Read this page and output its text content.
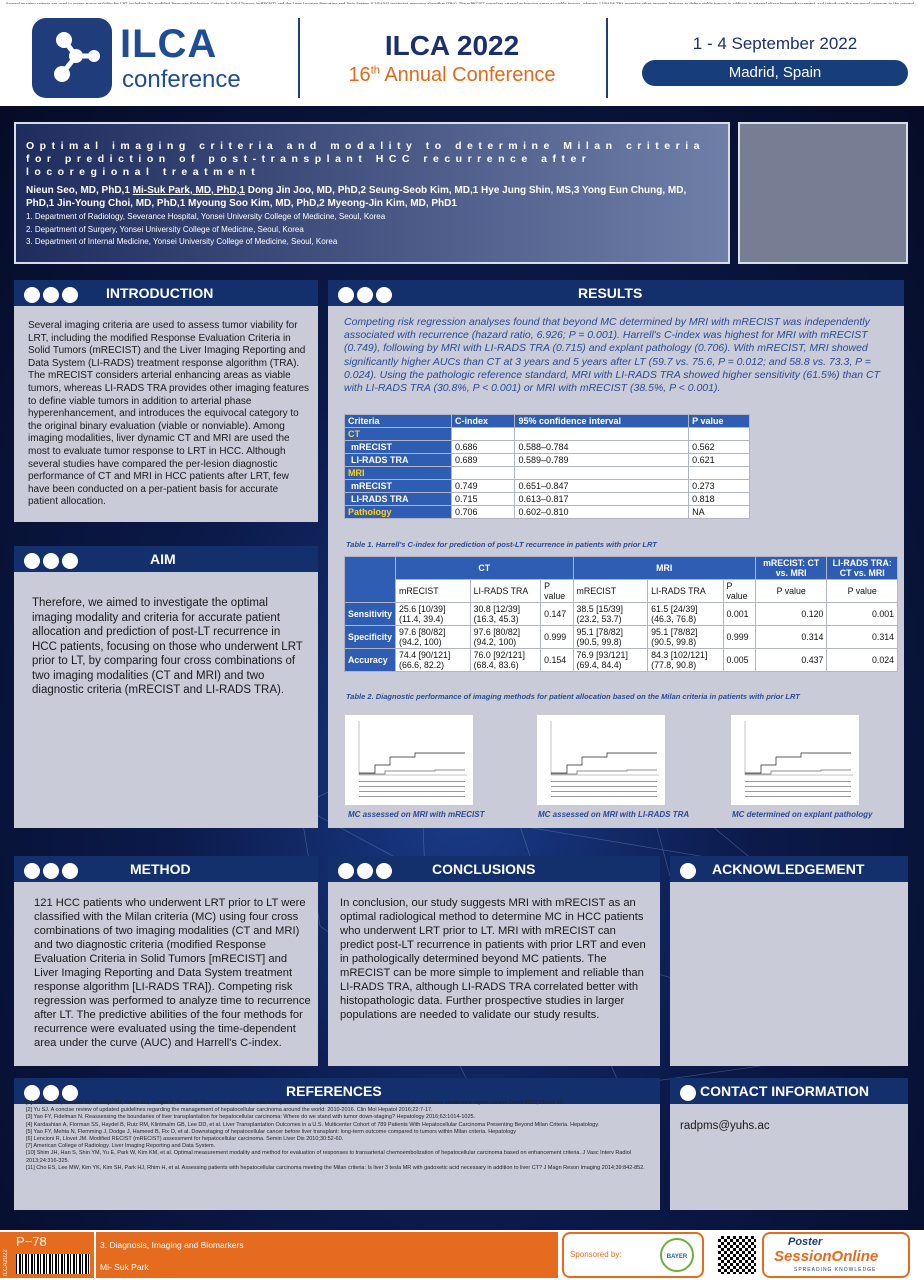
ILCA
conference
ILCA 2022
16th Annual Conference
1 - 4 September 2022
Madrid, Spain
Optimal imaging criteria and modality to determine Milan criteria for prediction of post-transplant HCC recurrence after locoregional treatment
Nieun Seo, MD, PhD,1 Mi-Suk Park, MD, PhD,1 Dong Jin Joo, MD, PhD,2 Seung-Seob Kim, MD,1 Hye Jung Shin, MS,3 Yong Eun Chung, MD, PhD,1 Jin-Young Choi, MD, PhD,1 Myoung Soo Kim, MD, PhD,2 Myeong-Jin Kim, MD, PhD1
1. Department of Radiology, Severance Hospital, Yonsei University College of Medicine, Seoul, Korea
2. Department of Surgery, Yonsei University College of Medicine, Seoul, Korea
3. Department of Internal Medicine, Yonsei University College of Medicine, Seoul, Korea
INTRODUCTION
Several imaging criteria are used to assess tumor viability for LRT, including the modified Response Evaluation Criteria in Solid Tumors (mRECIST) and the Liver Imaging Reporting and Data System (LI-RADS) treatment response algorithm (TRA). The mRECIST considers arterial enhancing areas as viable tumors, whereas LI-RADS TRA provides other imaging features to define viable tumors in addition to arterial phase hyperenhancement, and introduces the equivocal category to the original binary evaluation (viable or nonviable). Among imaging modalities, liver dynamic CT and MRI are used the most to evaluate tumor response to LRT in HCC. Although several studies have compared the per-lesion diagnostic performance of CT and MRI in HCC patients after LRT, few have been conducted on a per-patient basis for accurate patient allocation.
AIM
Therefore, we aimed to investigate the optimal imaging modality and criteria for accurate patient allocation and prediction of post-LT recurrence in HCC patients, focusing on those who underwent LRT prior to LT, by comparing four cross combinations of two imaging modalities (CT and MRI) and two diagnostic criteria (mRECIST and LI-RADS TRA).
RESULTS
Competing risk regression analyses found that beyond MC determined by MRI with mRECIST was independently associated with recurrence (hazard ratio, 6.926; P = 0.001). Harrell's C-index was highest for MRI with mRECIST (0.749), following by MRI with LI-RADS TRA (0.715) and explant pathology (0.706). With mRECIST, MRI showed significantly higher AUCs than CT at 3 years and 5 years after LT (59.7 vs. 75.6, P = 0.012; and 58.8 vs. 73.3, P = 0.024). Using the pathologic reference standard, MRI with LI-RADS TRA showed higher sensitivity (61.5%) than CT with LI-RADS TRA (30.8%, P < 0.001) or MRI with mRECIST (38.5%, P < 0.001).
Criteria	C-index	95% confidence interval	P value
CT			
mRECIST	0.686	0.588–0.784	0.562
LI-RADS TRA	0.689	0.589–0.789	0.621
MRI			
mRECIST	0.749	0.651–0.847	0.273
LI-RADS TRA	0.715	0.613–0.817	0.818
Pathology	0.706	0.602–0.810	NA
Table 1. Harrell's C-index for prediction of post-LT recurrence in patients with prior LRT
	CT			MRI			mRECIST: CT vs. MRI	LI-RADS TRA: CT vs. MRI
	mRECIST	LI-RADS TRA	P value	mRECIST	LI-RADS TRA	P value	P value	P value
Sensitivity	25.6 [10/39] (11.4, 39.4)	30.8 [12/39] (16.3, 45.3)	0.147	38.5 [15/39] (23.2, 53.7)	61.5 [24/39] (46.3, 76.8)	0.001	0.120	0.001
Specificity	97.6 [80/82] (94.2, 100)	97.6 [80/82] (94.2, 100)	0.999	95.1 [78/82] (90.5, 99.8)	95.1 [78/82] (90.5, 99.8)	0.999	0.314	0.314
Accuracy	74.4 [90/121] (66.6, 82.2)	76.0 [92/121] (68.4, 83.6)	0.154	76.9 [93/121] (69.4, 84.4)	84.3 [102/121] (77.8, 90.8)	0.005	0.437	0.024
Table 2. Diagnostic performance of imaging methods for patient allocation based on the Milan criteria in patients with prior LRT
MC assessed on MRI with mRECIST	MC assessed on MRI with LI-RADS TRA	MC determined on explant pathology
METHOD
121 HCC patients who underwent LRT prior to LT were classified with the Milan criteria (MC) using four cross combinations of two imaging modalities (CT and MRI) and two diagnostic criteria (modified Response Evaluation Criteria in Solid Tumors [mRECIST] and Liver Imaging Reporting and Data System treatment response algorithm [LI-RADS TRA]). Competing risk regression was performed to analyze time to recurrence after LT. The predictive abilities of the four methods for recurrence were evaluated using the time-dependent area under the curve (AUC) and Harrell's C-index.
CONCLUSIONS
In conclusion, our study suggests MRI with mRECIST as an optimal radiological method to determine MC in HCC patients who underwent LRT prior to LT. MRI with mRECIST can predict post-LT recurrence in patients with prior LRT and even in pathologically determined beyond MC patients. The mRECIST can be more simple to implement and reliable than LI-RADS TRA, although LI-RADS TRA correlated better with histopathologic data. Further prospective studies in larger populations are needed to validate our study results.
ACKNOWLEDGEMENT
REFERENCES
[1] Clavien PA, Lesurtel M, Bossuyt PM, Gores GJ, Langer B, Perrier A. Recommendations for liver transplantation for hepatocellular carcinoma: an international consensus conference report. Lancet Oncol 2012;13:e11-22.
[2] Yu SJ. A concise review of updated guidelines regarding the management of hepatocellular carcinoma around the world: 2010-2016. Clin Mol Hepatol 2016;22:7-17.
[3] Yao FY, Fidelman N. Reassessing the boundaries of liver transplantation for hepatocellular carcinoma: Where do we stand with tumor down-staging? Hepatology 2016;63:1014-1025.
[4] Kardashian A, Florman SS, Haydel B, Ruiz RM, Klintmalm GB, Lee DD, et al. Liver Transplantation Outcomes in a U.S. Multicenter Cohort of 789 Patients With Hepatocellular Carcinoma Presenting Beyond Milan Criteria. Hepatology.
[5] Yao FY, Mehta N, Flemming J, Dodge J, Hameed B, Fix O, et al. Downstaging of hepatocellular cancer before liver transplant: long-term outcome compared to tumors within Milan criteria. Hepatology
[6] Lencioni R, Llovet JM. Modified RECIST (mRECIST) assessment for hepatocellular carcinoma. Semin Liver Dis 2010;30:52-60.
[7] American College of Radiology. Liver Imaging Reporting and Data System.
[10] Shim JH, Han S, Shin YM, Yu E, Park W, Kim KM, et al. Optimal measurement modality and method for evaluation of responses to transarterial chemoembolization of hepatocellular carcinoma based on enhancement criteria. J Vasc Interv Radiol 2013;24:316-325.
[11] Cho ES, Lee MW, Kim YK, Kim SH, Park HJ, Rhim H, et al. Assessing patients with hepatocellular carcinoma meeting the Milan criteria: Is liver 3 tesla MR with gadoxetic acid necessary in addition to liver CT? J Magn Reson Imaging 2014;39:842-852.
CONTACT INFORMATION
radpms@yuhs.ac
ILCA2022
P−78	3. Diagnosis, Imaging and Biomarkers
Mi- Suk Park
Sponsored by:	BAYER
Poster
SessionOnline
SPREADING KNOWLEDGE
